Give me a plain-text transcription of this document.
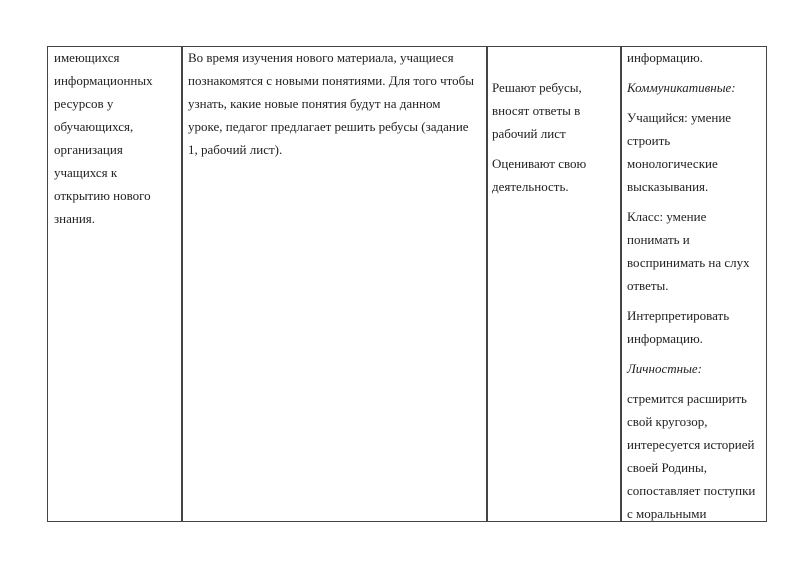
имеющихся
информационных
ресурсов у
обучающихся,
организация
учащихся к
открытию нового
знания.
Во время изучения нового материала, учащиеся
познакомятся с новыми понятиями. Для того чтобы
узнать, какие новые понятия будут на данном
уроке, педагог предлагает решить ребусы (задание
1, рабочий лист).
Решают ребусы,
вносят ответы в
рабочий лист
Оценивают свою
деятельность.
информацию.
Коммуникативные:
Учащийся: умение
строить
монологические
высказывания.
Класс: умение
понимать и
воспринимать на слух
ответы.
Интерпретировать
информацию.
Личностные:
стремится расширить
свой кругозор,
интересуется историей
своей Родины,
сопоставляет поступки
с моральными
